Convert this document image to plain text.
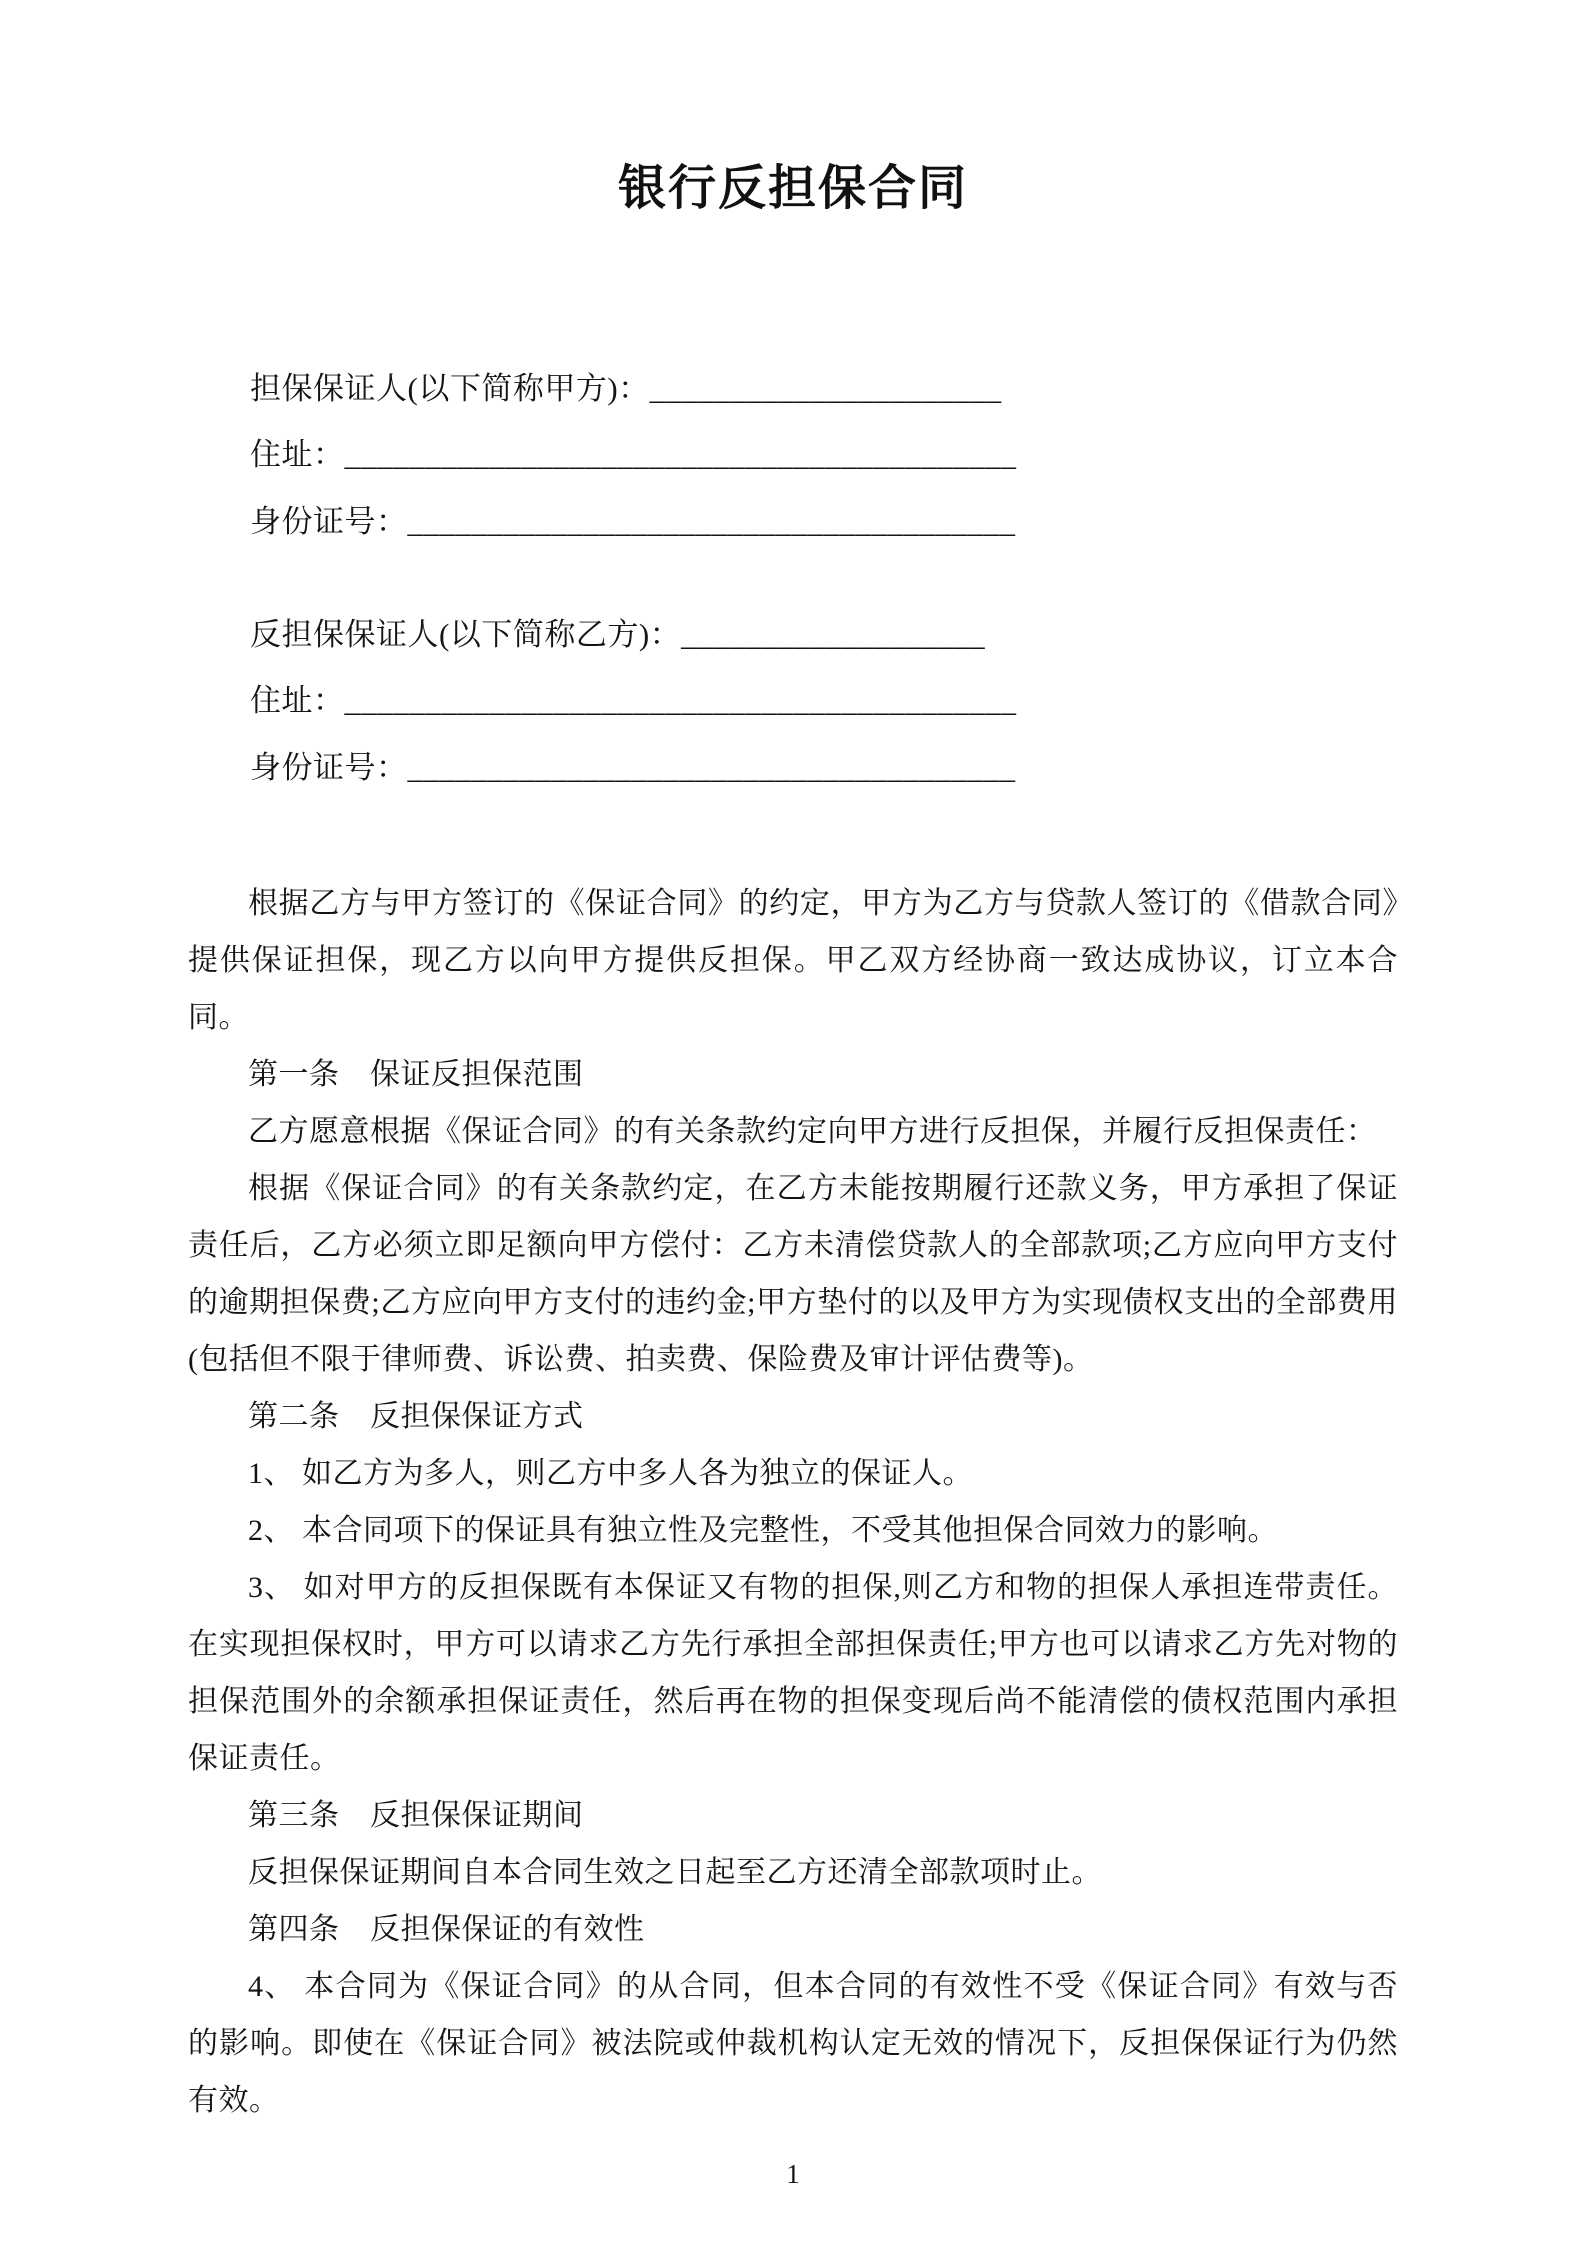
银行反担保合同

担保保证人(以下简称甲方)：______________________

住址：__________________________________________

身份证号：______________________________________

反担保保证人(以下简称乙方)：___________________

住址：__________________________________________

身份证号：______________________________________

根据乙方与甲方签订的《保证合同》的约定，甲方为乙方与贷款人签订的《借款合同》提供保证担保，现乙方以向甲方提供反担保。甲乙双方经协商一致达成协议，订立本合同。

第一条　保证反担保范围

乙方愿意根据《保证合同》的有关条款约定向甲方进行反担保，并履行反担保责任：

根据《保证合同》的有关条款约定，在乙方未能按期履行还款义务，甲方承担了保证责任后，乙方必须立即足额向甲方偿付：乙方未清偿贷款人的全部款项;乙方应向甲方支付的逾期担保费;乙方应向甲方支付的违约金;甲方垫付的以及甲方为实现债权支出的全部费用(包括但不限于律师费、诉讼费、拍卖费、保险费及审计评估费等)。

第二条　反担保保证方式

1、 如乙方为多人，则乙方中多人各为独立的保证人。

2、 本合同项下的保证具有独立性及完整性，不受其他担保合同效力的影响。

3、 如对甲方的反担保既有本保证又有物的担保,则乙方和物的担保人承担连带责任。在实现担保权时，甲方可以请求乙方先行承担全部担保责任;甲方也可以请求乙方先对物的担保范围外的余额承担保证责任，然后再在物的担保变现后尚不能清偿的债权范围内承担保证责任。

第三条　反担保保证期间

反担保保证期间自本合同生效之日起至乙方还清全部款项时止。

第四条　反担保保证的有效性

4、 本合同为《保证合同》的从合同，但本合同的有效性不受《保证合同》有效与否的影响。即使在《保证合同》被法院或仲裁机构认定无效的情况下，反担保保证行为仍然有效。

1
